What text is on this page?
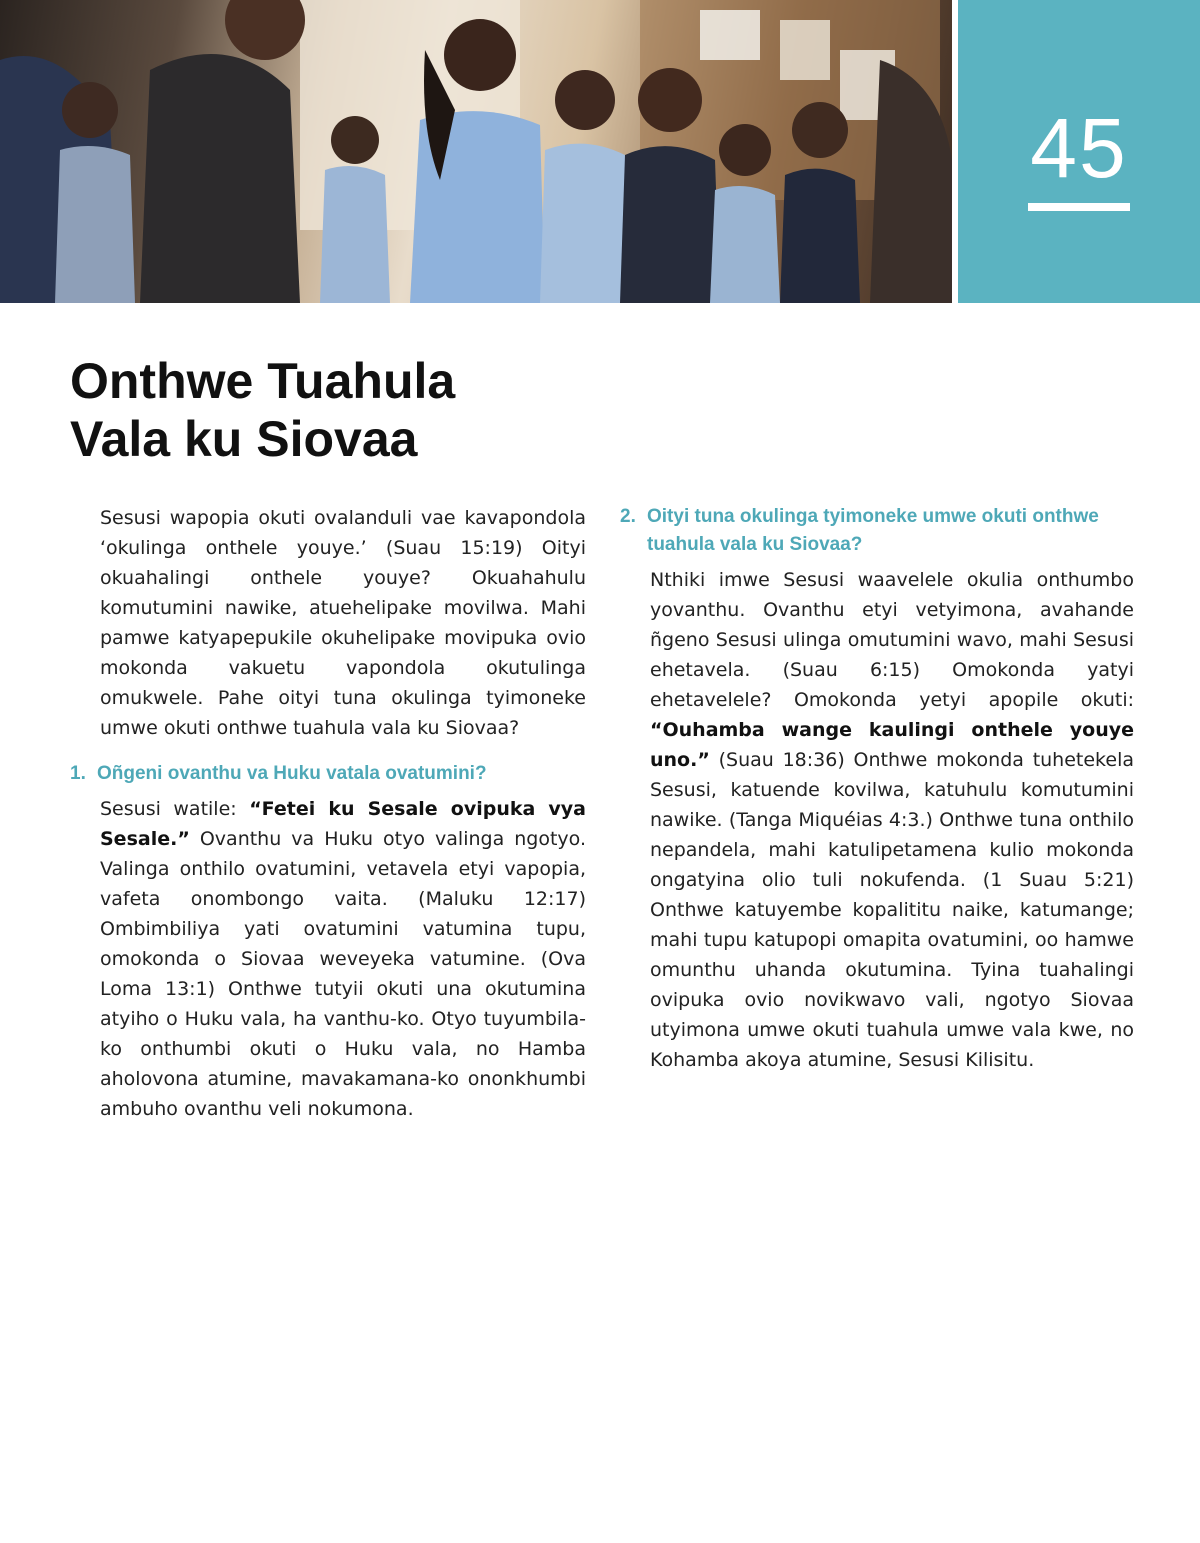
45
Onthwe Tuahula
Vala ku Siovaa

Sesusi wapopia okuti ovalanduli vae kavapondola ‘okulinga onthele youye.’ (Suau 15:19) Oityi okuahalingi onthele youye? Okuahahulu komutumini nawike, atuehelipake movilwa. Mahi pamwe katyapepukile okuhelipake movipuka ovio mokonda vakuetu vapondola okutulinga omukwele. Pahe oityi tuna okulinga tyimoneke umwe okuti onthwe tuahula vala ku Siovaa?

1. Oñgeni ovanthu va Huku vatala ovatumini?

Sesusi watile: “Fetei ku Sesale ovipuka vya Sesale.” Ovanthu va Huku otyo valinga ngotyo. Valinga onthilo ovatumini, vetavela etyi vapopia, vafeta onombongo vaita. (Maluku 12:17) Ombimbiliya yati ovatumini vatumina tupu, omokonda o Siovaa weveyeka vatumine. (Ova Loma 13:1) Onthwe tutyii okuti una okutumina atyiho o Huku vala, ha vanthu-ko. Otyo tuyumbila-ko onthumbi okuti o Huku vala, no Hamba aholovona atumine, mavakamana-ko ononkhumbi ambuho ovanthu veli nokumona.

2. Oityi tuna okulinga tyimoneke umwe okuti onthwe tuahula vala ku Siovaa?

Nthiki imwe Sesusi waavelele okulia onthumbo yovanthu. Ovanthu etyi vetyimona, avahande ñgeno Sesusi ulinga omutumini wavo, mahi Sesusi ehetavela. (Suau 6:15) Omokonda yatyi ehetavelele? Omokonda yetyi apopile okuti: “Ouhamba wange kaulingi onthele youye uno.” (Suau 18:36) Onthwe mokonda tuhetekela Sesusi, katuende kovilwa, katuhulu komutumini nawike. (Tanga Miquéias 4:3.) Onthwe tuna onthilo nepandela, mahi katulipetamena kulio mokonda ongatyina olio tuli nokufenda. (1 Suau 5:21) Onthwe katuyembe kopalititu naike, katumange; mahi tupu katupopi omapita ovatumini, oo hamwe omunthu uhanda okutumina. Tyina tuahalingi ovipuka ovio novikwavo vali, ngotyo Siovaa utyimona umwe okuti tuahula umwe vala kwe, no Kohamba akoya atumine, Sesusi Kilisitu.
